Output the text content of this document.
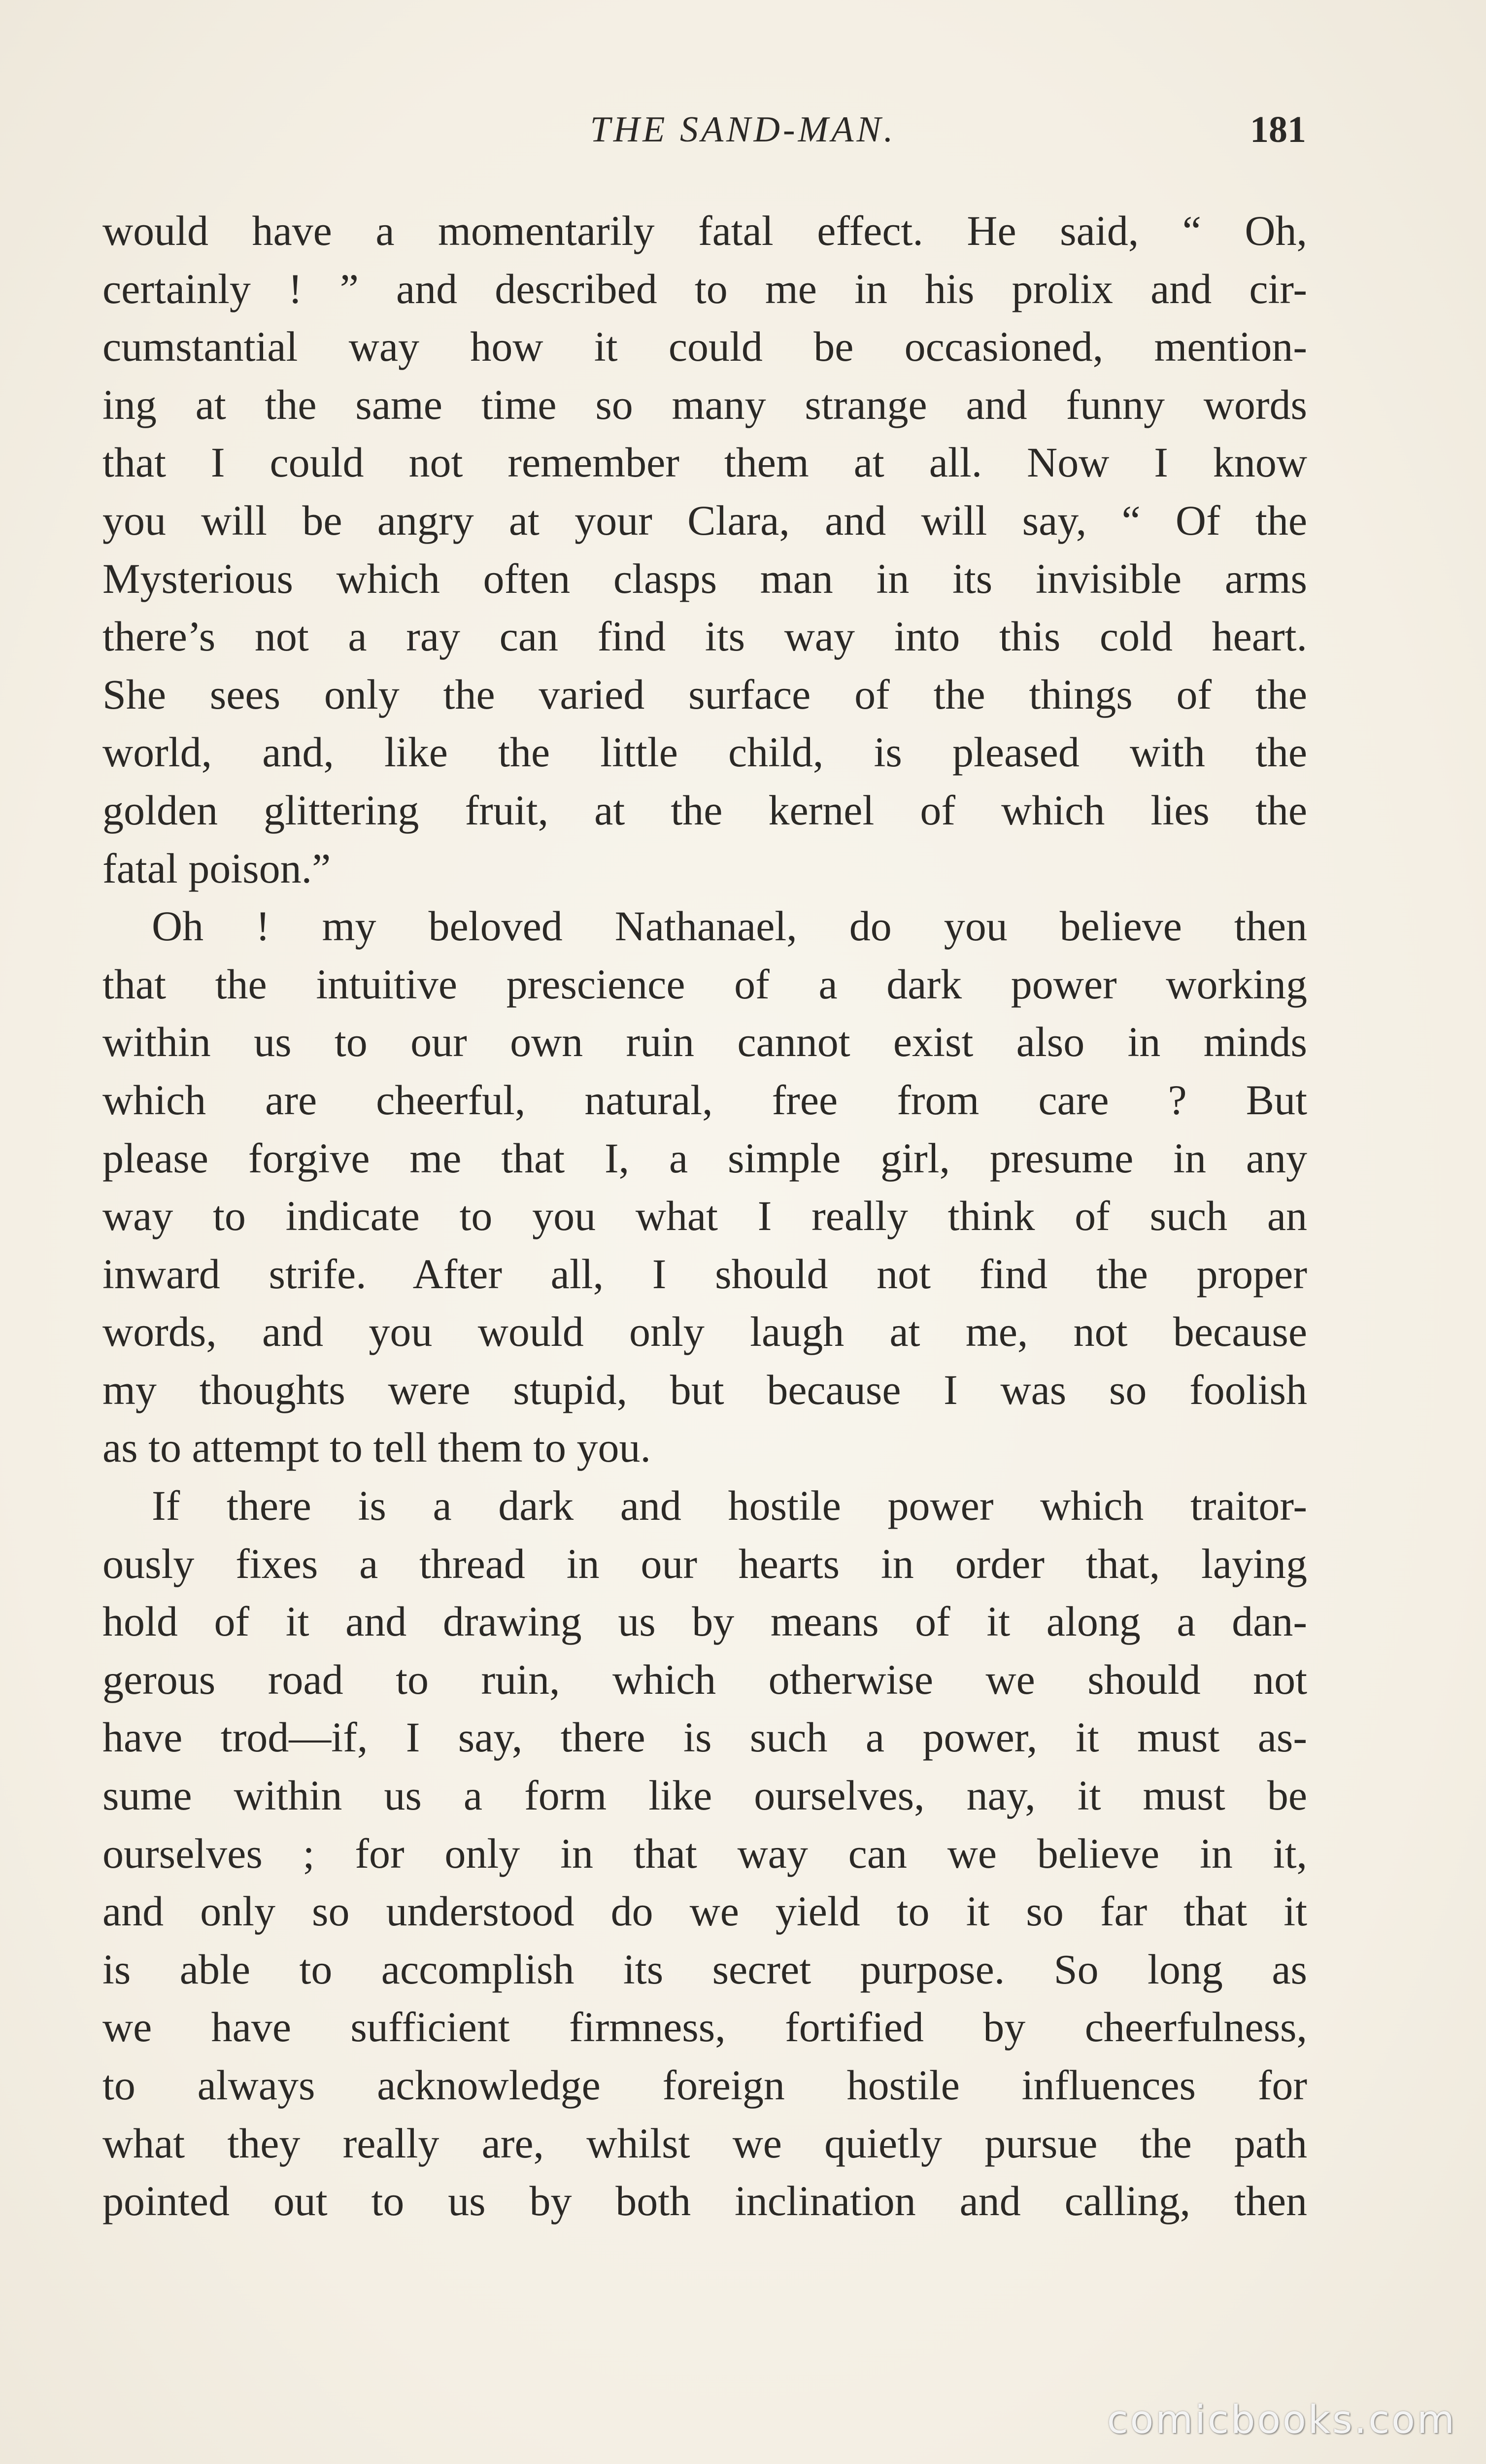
THE SAND-MAN.	181
would have a momentarily fatal effect. He said, “ Oh,
certainly ! ” and described to me in his prolix and cir-
cumstantial way how it could be occasioned, mention-
ing at the same time so many strange and funny words
that I could not remember them at all. Now I know
you will be angry at your Clara, and will say, “ Of the
Mysterious which often clasps man in its invisible arms
there’s not a ray can find its way into this cold heart.
She sees only the varied surface of the things of the
world, and, like the little child, is pleased with the
golden glittering fruit, at the kernel of which lies the
fatal poison.”
Oh ! my beloved Nathanael, do you believe then
that the intuitive prescience of a dark power working
within us to our own ruin cannot exist also in minds
which are cheerful, natural, free from care ? But
please forgive me that I, a simple girl, presume in any
way to indicate to you what I really think of such an
inward strife. After all, I should not find the proper
words, and you would only laugh at me, not because
my thoughts were stupid, but because I was so foolish
as to attempt to tell them to you.
If there is a dark and hostile power which traitor-
ously fixes a thread in our hearts in order that, laying
hold of it and drawing us by means of it along a dan-
gerous road to ruin, which otherwise we should not
have trod—if, I say, there is such a power, it must as-
sume within us a form like ourselves, nay, it must be
ourselves ; for only in that way can we believe in it,
and only so understood do we yield to it so far that it
is able to accomplish its secret purpose. So long as
we have sufficient firmness, fortified by cheerfulness,
to always acknowledge foreign hostile influences for
what they really are, whilst we quietly pursue the path
pointed out to us by both inclination and calling, then
comicbooks.com
